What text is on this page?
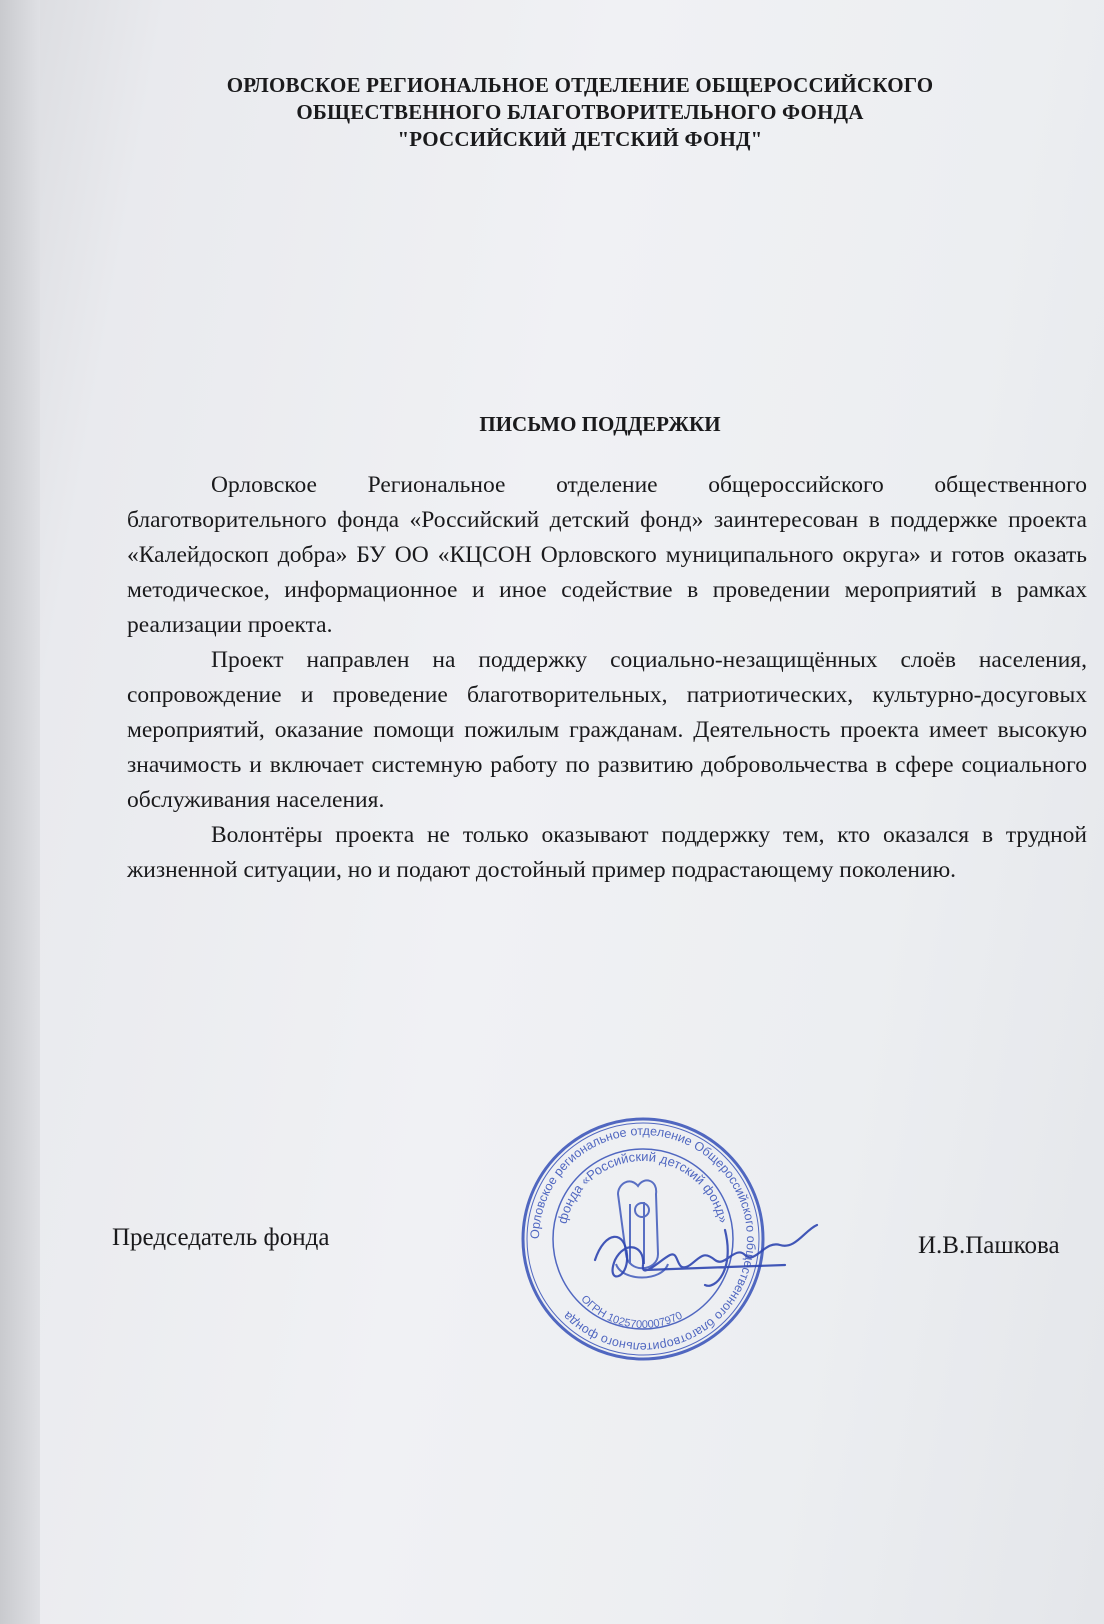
ОРЛОВСКОЕ РЕГИОНАЛЬНОЕ ОТДЕЛЕНИЕ ОБЩЕРОССИЙСКОГО
ОБЩЕСТВЕННОГО БЛАГОТВОРИТЕЛЬНОГО ФОНДА
"РОССИЙСКИЙ ДЕТСКИЙ ФОНД"
ПИСЬМО ПОДДЕРЖКИ

Орловское Региональное отделение общероссийского общественного благотворительного фонда «Российский детский фонд» заинтересован в поддержке проекта «Калейдоскоп добра» БУ ОО «КЦСОН Орловского муниципального округа» и готов оказать методическое, информационное и иное содействие в проведении мероприятий в рамках реализации проекта.

Проект направлен на поддержку социально-незащищённых слоёв населения, сопровождение и проведение благотворительных, патриотических, культурно-досуговых мероприятий, оказание помощи пожилым гражданам. Деятельность проекта имеет высокую значимость и включает системную работу по развитию добровольчества в сфере социального обслуживания населения.

Волонтёры проекта не только оказывают поддержку тем, кто оказался в трудной жизненной ситуации, но и подают достойный пример подрастающему поколению.

Председатель фонда	Орловское региональное отделение Общероссийского общественного благотворительного фонда
фонда «Российский детский фонд»
ОГРН 1025700007970
И.В.Пашкова
